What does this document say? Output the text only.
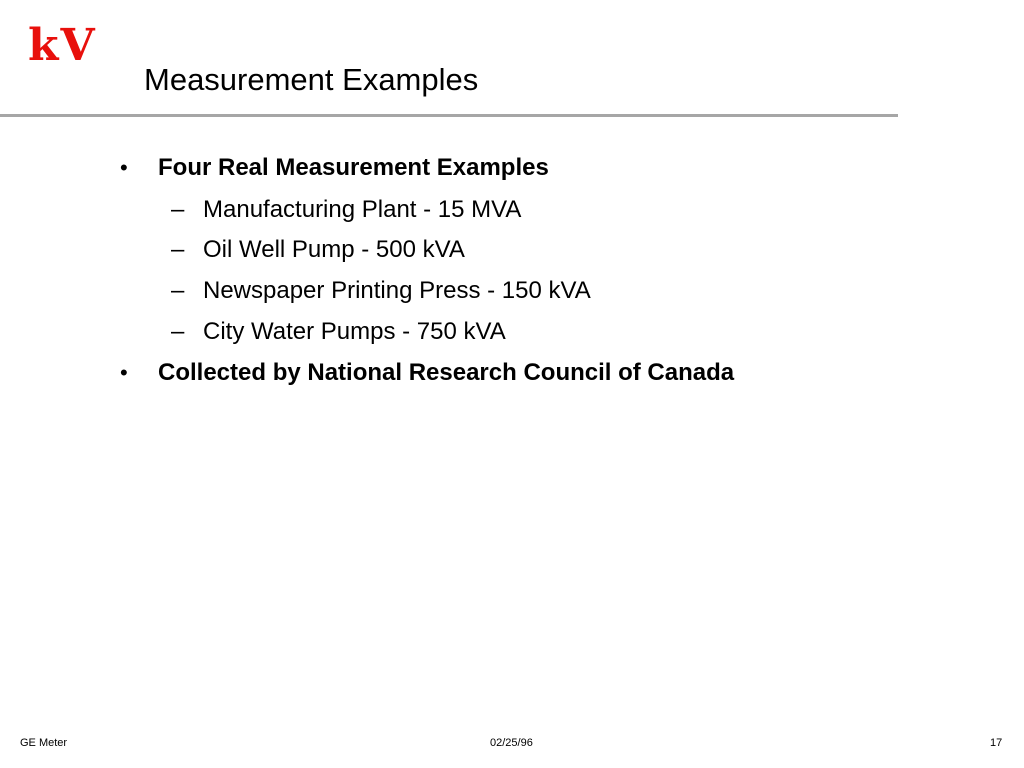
kV
Measurement Examples
• Four Real Measurement Examples
– Manufacturing Plant - 15 MVA
– Oil Well Pump - 500 kVA
– Newspaper Printing Press - 150 kVA
– City Water Pumps - 750 kVA
• Collected by National Research Council of Canada
GE Meter	02/25/96	17
